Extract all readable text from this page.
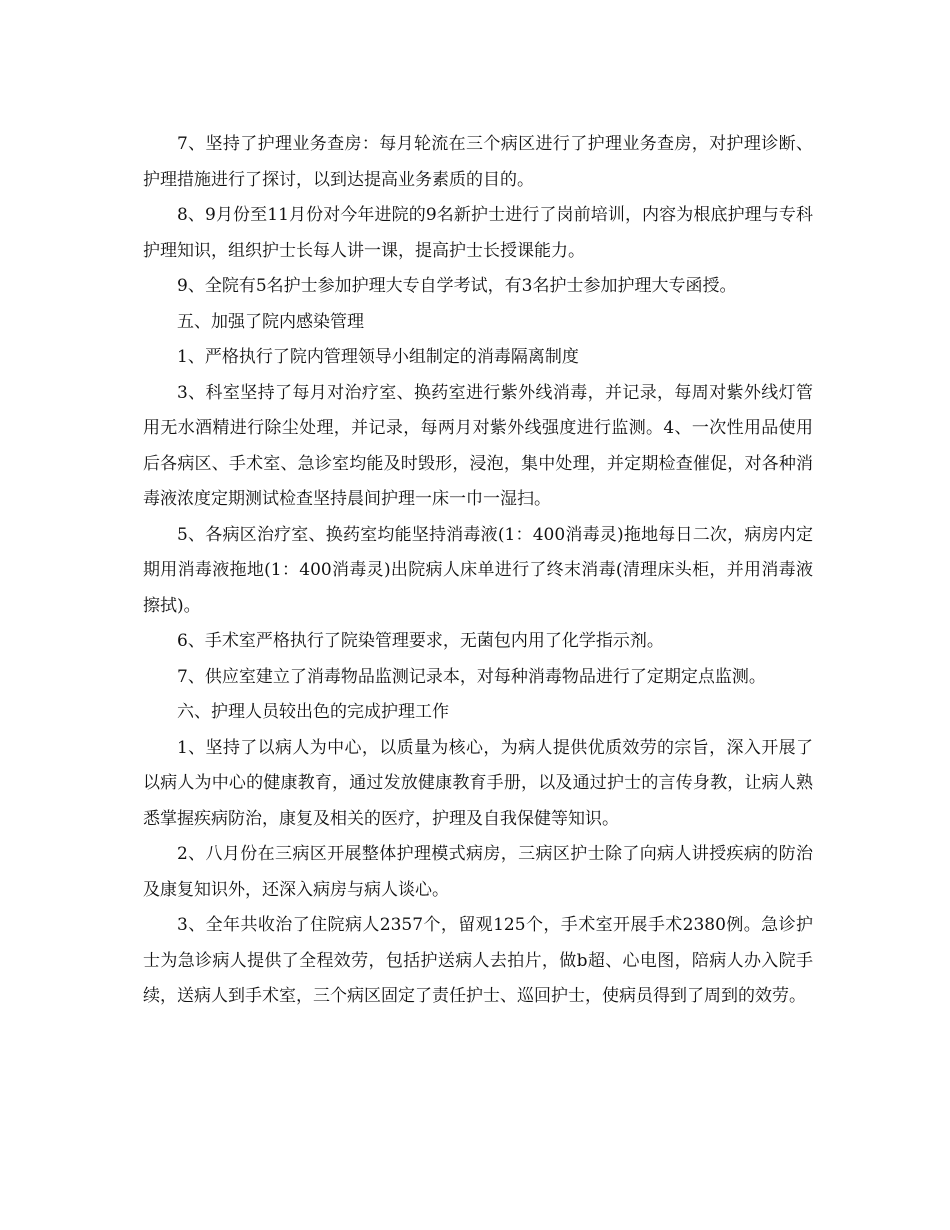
7、坚持了护理业务查房：每月轮流在三个病区进行了护理业务查房，对护理诊断、护理措施进行了探讨，以到达提高业务素质的目的。

8、9月份至11月份对今年进院的9名新护士进行了岗前培训，内容为根底护理与专科护理知识，组织护士长每人讲一课，提高护士长授课能力。

9、全院有5名护士参加护理大专自学考试，有3名护士参加护理大专函授。

五、加强了院内感染管理

1、严格执行了院内管理领导小组制定的消毒隔离制度

3、科室坚持了每月对治疗室、换药室进行紫外线消毒，并记录，每周对紫外线灯管用无水酒精进行除尘处理，并记录，每两月对紫外线强度进行监测。4、一次性用品使用后各病区、手术室、急诊室均能及时毁形，浸泡，集中处理，并定期检查催促，对各种消毒液浓度定期测试检查坚持晨间护理一床一巾一湿扫。

5、各病区治疗室、换药室均能坚持消毒液(1：400消毒灵)拖地每日二次，病房内定期用消毒液拖地(1：400消毒灵)出院病人床单进行了终末消毒(清理床头柜，并用消毒液擦拭)。

6、手术室严格执行了院染管理要求，无菌包内用了化学指示剂。

7、供应室建立了消毒物品监测记录本，对每种消毒物品进行了定期定点监测。

六、护理人员较出色的完成护理工作

1、坚持了以病人为中心，以质量为核心，为病人提供优质效劳的宗旨，深入开展了以病人为中心的健康教育，通过发放健康教育手册，以及通过护士的言传身教，让病人熟悉掌握疾病防治，康复及相关的医疗，护理及自我保健等知识。

2、八月份在三病区开展整体护理模式病房，三病区护士除了向病人讲授疾病的防治及康复知识外，还深入病房与病人谈心。

3、全年共收治了住院病人2357个，留观125个，手术室开展手术2380例。急诊护士为急诊病人提供了全程效劳，包括护送病人去拍片，做b超、心电图，陪病人办入院手续，送病人到手术室，三个病区固定了责任护士、巡回护士，使病员得到了周到的效劳。
